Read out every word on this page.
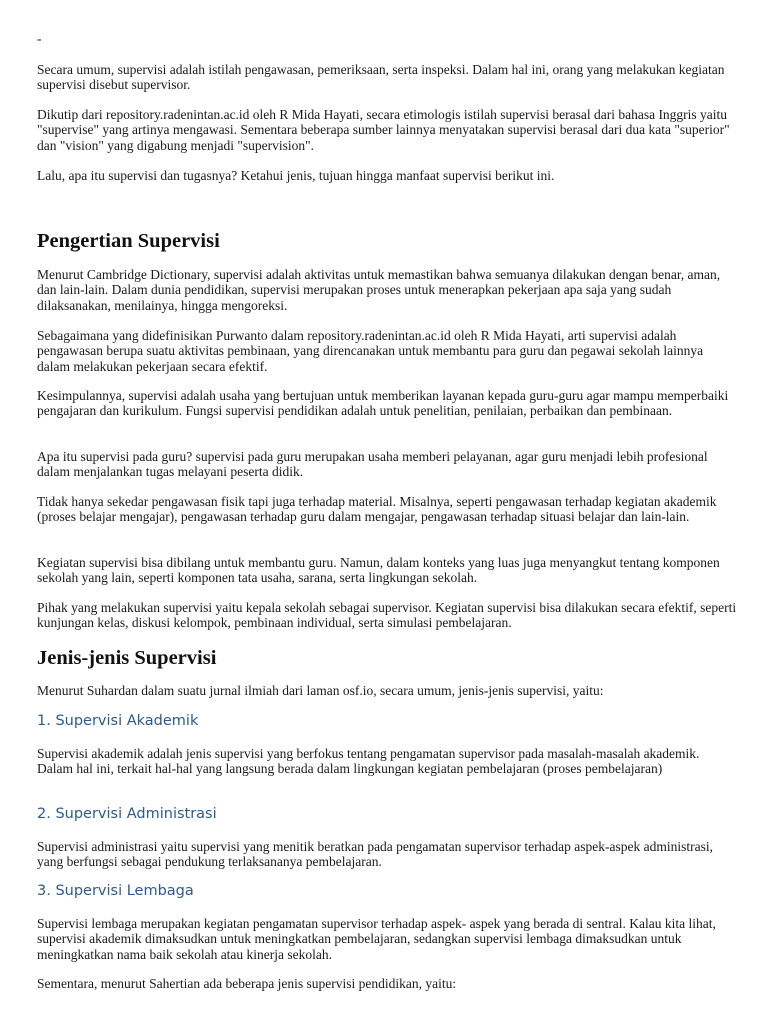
-

Secara umum, supervisi adalah istilah pengawasan, pemeriksaan, serta inspeksi. Dalam hal ini, orang yang melakukan kegiatan supervisi disebut supervisor.

Dikutip dari repository.radenintan.ac.id oleh R Mida Hayati, secara etimologis istilah supervisi berasal dari bahasa Inggris yaitu "supervise" yang artinya mengawasi. Sementara beberapa sumber lainnya menyatakan supervisi berasal dari dua kata "superior" dan "vision" yang digabung menjadi "supervision".

Lalu, apa itu supervisi dan tugasnya? Ketahui jenis, tujuan hingga manfaat supervisi berikut ini.

Pengertian Supervisi

Menurut Cambridge Dictionary, supervisi adalah aktivitas untuk memastikan bahwa semuanya dilakukan dengan benar, aman, dan lain-lain. Dalam dunia pendidikan, supervisi merupakan proses untuk menerapkan pekerjaan apa saja yang sudah dilaksanakan, menilainya, hingga mengoreksi.

Sebagaimana yang didefinisikan Purwanto dalam repository.radenintan.ac.id oleh R Mida Hayati, arti supervisi adalah pengawasan berupa suatu aktivitas pembinaan, yang direncanakan untuk membantu para guru dan pegawai sekolah lainnya dalam melakukan pekerjaan secara efektif.

Kesimpulannya, supervisi adalah usaha yang bertujuan untuk memberikan layanan kepada guru-guru agar mampu memperbaiki pengajaran dan kurikulum. Fungsi supervisi pendidikan adalah untuk penelitian, penilaian, perbaikan dan pembinaan.

Apa itu supervisi pada guru? supervisi pada guru merupakan usaha memberi pelayanan, agar guru menjadi lebih profesional dalam menjalankan tugas melayani peserta didik.

Tidak hanya sekedar pengawasan fisik tapi juga terhadap material. Misalnya, seperti pengawasan terhadap kegiatan akademik (proses belajar mengajar), pengawasan terhadap guru dalam mengajar, pengawasan terhadap situasi belajar dan lain-lain.

Kegiatan supervisi bisa dibilang untuk membantu guru. Namun, dalam konteks yang luas juga menyangkut tentang komponen sekolah yang lain, seperti komponen tata usaha, sarana, serta lingkungan sekolah.

Pihak yang melakukan supervisi yaitu kepala sekolah sebagai supervisor. Kegiatan supervisi bisa dilakukan secara efektif, seperti kunjungan kelas, diskusi kelompok, pembinaan individual, serta simulasi pembelajaran.

Jenis-jenis Supervisi

Menurut Suhardan dalam suatu jurnal ilmiah dari laman osf.io, secara umum, jenis-jenis supervisi, yaitu:

1. Supervisi Akademik

Supervisi akademik adalah jenis supervisi yang berfokus tentang pengamatan supervisor pada masalah-masalah akademik. Dalam hal ini, terkait hal-hal yang langsung berada dalam lingkungan kegiatan pembelajaran (proses pembelajaran)

2. Supervisi Administrasi

Supervisi administrasi yaitu supervisi yang menitik beratkan pada pengamatan supervisor terhadap aspek-aspek administrasi, yang berfungsi sebagai pendukung terlaksananya pembelajaran.

3. Supervisi Lembaga

Supervisi lembaga merupakan kegiatan pengamatan supervisor terhadap aspek- aspek yang berada di sentral. Kalau kita lihat, supervisi akademik dimaksudkan untuk meningkatkan pembelajaran, sedangkan supervisi lembaga dimaksudkan untuk meningkatkan nama baik sekolah atau kinerja sekolah.

Sementara, menurut Sahertian ada beberapa jenis supervisi pendidikan, yaitu:
